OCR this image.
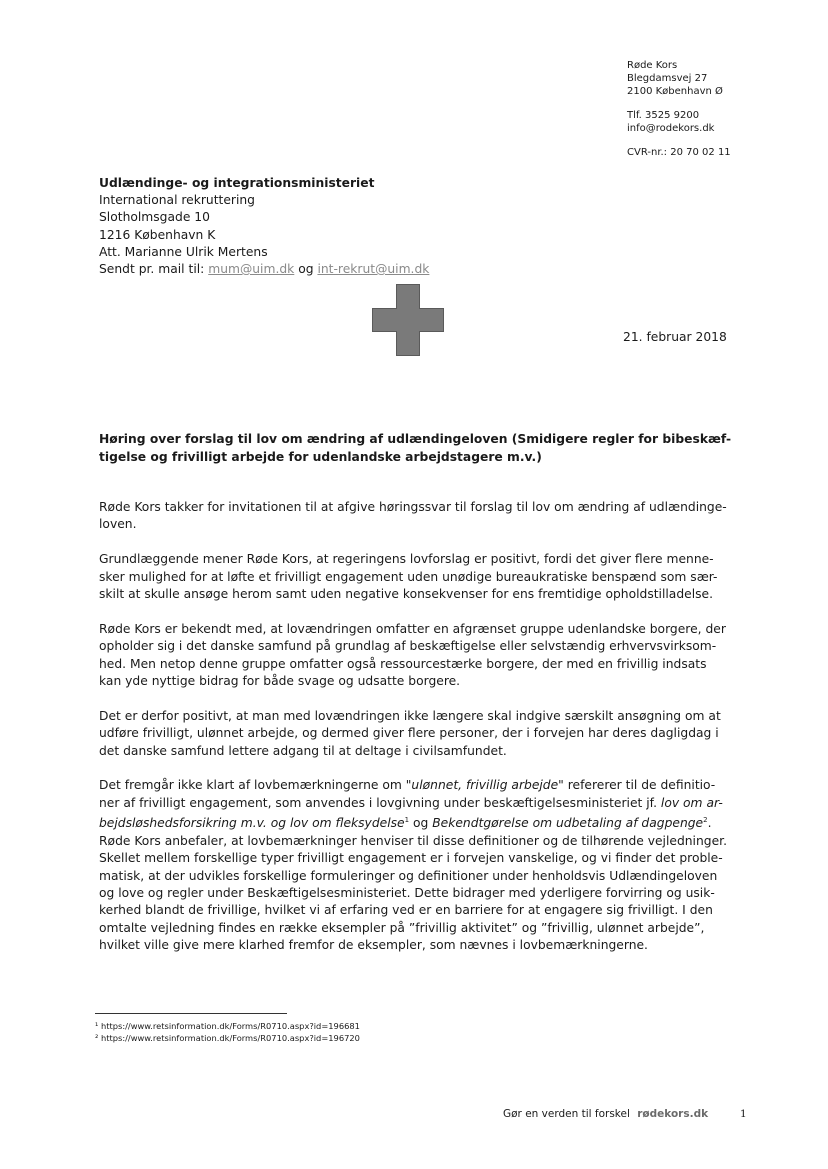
Røde Kors
Blegdamsvej 27
2100 København Ø
Tlf. 3525 9200
info@rodekors.dk
CVR-nr.: 20 70 02 11
Udlændinge- og integrationsministeriet
International rekruttering
Slotholmsgade 10
1216 København K
Att. Marianne Ulrik Mertens
Sendt pr. mail til: mum@uim.dk og int-rekrut@uim.dk
21. februar 2018
Høring over forslag til lov om ændring af udlændingeloven (Smidigere regler for bibeskæf-
tigelse og frivilligt arbejde for udenlandske arbejdstagere m.v.)

Røde Kors takker for invitationen til at afgive høringssvar til forslag til lov om ændring af udlændinge-
loven.

Grundlæggende mener Røde Kors, at regeringens lovforslag er positivt, fordi det giver flere menne-
sker mulighed for at løfte et frivilligt engagement uden unødige bureaukratiske benspænd som sær-
skilt at skulle ansøge herom samt uden negative konsekvenser for ens fremtidige opholdstilladelse.

Røde Kors er bekendt med, at lovændringen omfatter en afgrænset gruppe udenlandske borgere, der
opholder sig i det danske samfund på grundlag af beskæftigelse eller selvstændig erhvervsvirksom-
hed. Men netop denne gruppe omfatter også ressourcestærke borgere, der med en frivillig indsats
kan yde nyttige bidrag for både svage og udsatte borgere.

Det er derfor positivt, at man med lovændringen ikke længere skal indgive særskilt ansøgning om at
udføre frivilligt, ulønnet arbejde, og dermed giver flere personer, der i forvejen har deres dagligdag i
det danske samfund lettere adgang til at deltage i civilsamfundet.

Det fremgår ikke klart af lovbemærkningerne om "ulønnet, frivillig arbejde" refererer til de definitio-
ner af frivilligt engagement, som anvendes i lovgivning under beskæftigelsesministeriet jf. lov om ar-
bejdsløshedsforsikring m.v. og lov om fleksydelse$^1$ og Bekendtgørelse om udbetaling af dagpenge$^2$.
Røde Kors anbefaler, at lovbemærkninger henviser til disse definitioner og de tilhørende vejledninger.
Skellet mellem forskellige typer frivilligt engagement er i forvejen vanskelige, og vi finder det proble-
matisk, at der udvikles forskellige formuleringer og definitioner under henholdsvis Udlændingeloven
og love og regler under Beskæftigelsesministeriet. Dette bidrager med yderligere forvirring og usik-
kerhed blandt de frivillige, hvilket vi af erfaring ved er en barriere for at engagere sig frivilligt. I den
omtalte vejledning findes en række eksempler på ”frivillig aktivitet” og ”frivillig, ulønnet arbejde”,
hvilket ville give mere klarhed fremfor de eksempler, som nævnes i lovbemærkningerne.

¹ https://www.retsinformation.dk/Forms/R0710.aspx?id=196681
² https://www.retsinformation.dk/Forms/R0710.aspx?id=196720
Gør en verden til forskel rødekors.dk	1
